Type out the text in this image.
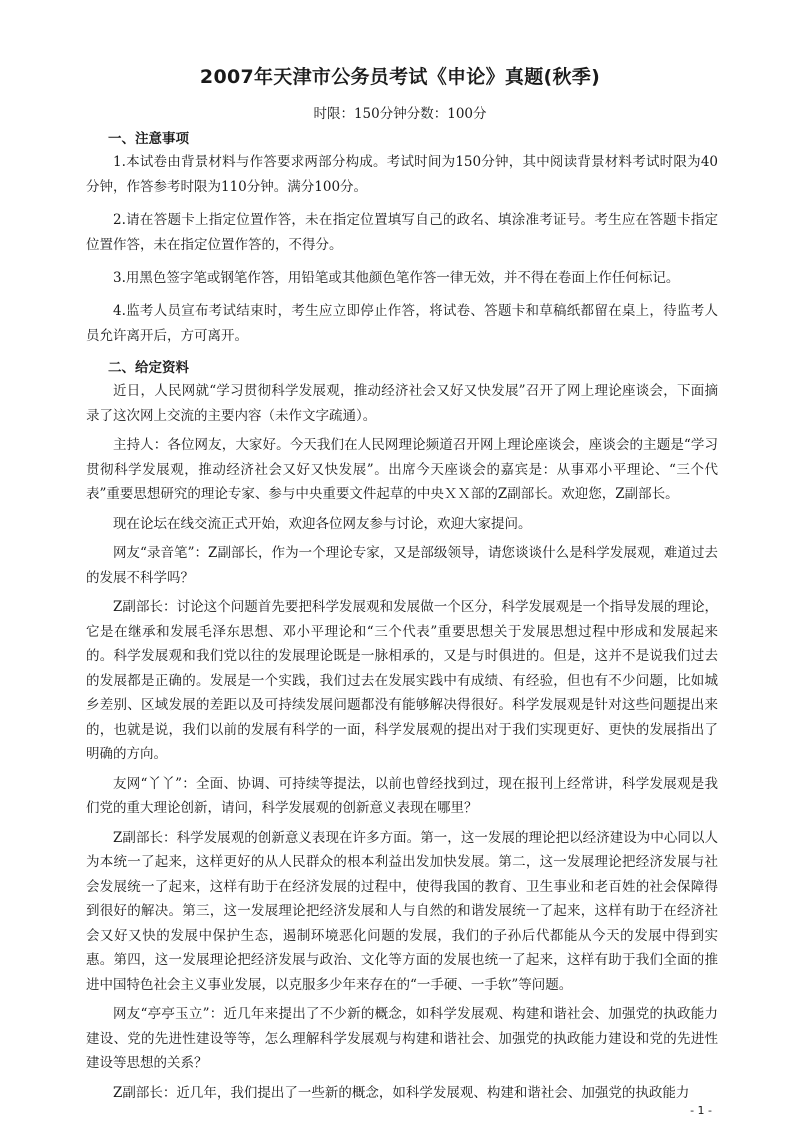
2007年天津市公务员考试《申论》真题(秋季)
时限：150分钟分数：100分
一、注意事项

1.本试卷由背景材料与作答要求两部分构成。考试时间为150分钟，其中阅读背景材料考试时限为40分钟，作答参考时限为110分钟。满分100分。

2.请在答题卡上指定位置作答，未在指定位置填写自己的政名、填涂准考证号。考生应在答题卡指定位置作答，未在指定位置作答的，不得分。

3.用黑色签字笔或钢笔作答，用铅笔或其他颜色笔作答一律无效，并不得在卷面上作任何标记。

4.监考人员宣布考试结束时，考生应立即停止作答，将试卷、答题卡和草稿纸都留在桌上，待监考人员允许离开后，方可离开。

二、给定资料

近日，人民网就“学习贯彻科学发展观，推动经济社会又好又快发展”召开了网上理论座谈会，下面摘录了这次网上交流的主要内容（未作文字疏通）。

主持人：各位网友，大家好。今天我们在人民网理论频道召开网上理论座谈会，座谈会的主题是“学习贯彻科学发展观，推动经济社会又好又快发展”。出席今天座谈会的嘉宾是：从事邓小平理论、“三个代表”重要思想研究的理论专家、参与中央重要文件起草的中央ＸＸ部的Z副部长。欢迎您，Z副部长。

现在论坛在线交流正式开始，欢迎各位网友参与讨论，欢迎大家提问。

网友“录音笔”：Z副部长，作为一个理论专家，又是部级领导，请您谈谈什么是科学发展观，难道过去的发展不科学吗？

Z副部长：讨论这个问题首先要把科学发展观和发展做一个区分，科学发展观是一个指导发展的理论，它是在继承和发展毛泽东思想、邓小平理论和“三个代表”重要思想关于发展思想过程中形成和发展起来的。科学发展观和我们党以往的发展理论既是一脉相承的，又是与时俱进的。但是，这并不是说我们过去的发展都是正确的。发展是一个实践，我们过去在发展实践中有成绩、有经验，但也有不少问题，比如城乡差别、区域发展的差距以及可持续发展问题都没有能够解决得很好。科学发展观是针对这些问题提出来的，也就是说，我们以前的发展有科学的一面，科学发展观的提出对于我们实现更好、更快的发展指出了明确的方向。

友网“丫丫”：全面、协调、可持续等提法，以前也曾经找到过，现在报刊上经常讲，科学发展观是我们党的重大理论创新，请问，科学发展观的创新意义表现在哪里？

Z副部长：科学发展观的创新意义表现在许多方面。第一，这一发展的理论把以经济建设为中心同以人为本统一了起来，这样更好的从人民群众的根本利益出发加快发展。第二，这一发展理论把经济发展与社会发展统一了起来，这样有助于在经济发展的过程中，使得我国的教育、卫生事业和老百姓的社会保障得到很好的解决。第三，这一发展理论把经济发展和人与自然的和谐发展统一了起来，这样有助于在经济社会又好又快的发展中保护生态，遏制环境恶化问题的发展，我们的子孙后代都能从今天的发展中得到实惠。第四，这一发展理论把经济发展与政治、文化等方面的发展也统一了起来，这样有助于我们全面的推进中国特色社会主义事业发展，以克服多少年来存在的“一手硬、一手软”等问题。

网友“亭亭玉立”：近几年来提出了不少新的概念，如科学发展观、构建和谐社会、加强党的执政能力建设、党的先进性建设等等，怎么理解科学发展观与构建和谐社会、加强党的执政能力建设和党的先进性建设等思想的关系？

Z副部长：近几年，我们提出了一些新的概念，如科学发展观、构建和谐社会、加强党的执政能力

- 1 -
